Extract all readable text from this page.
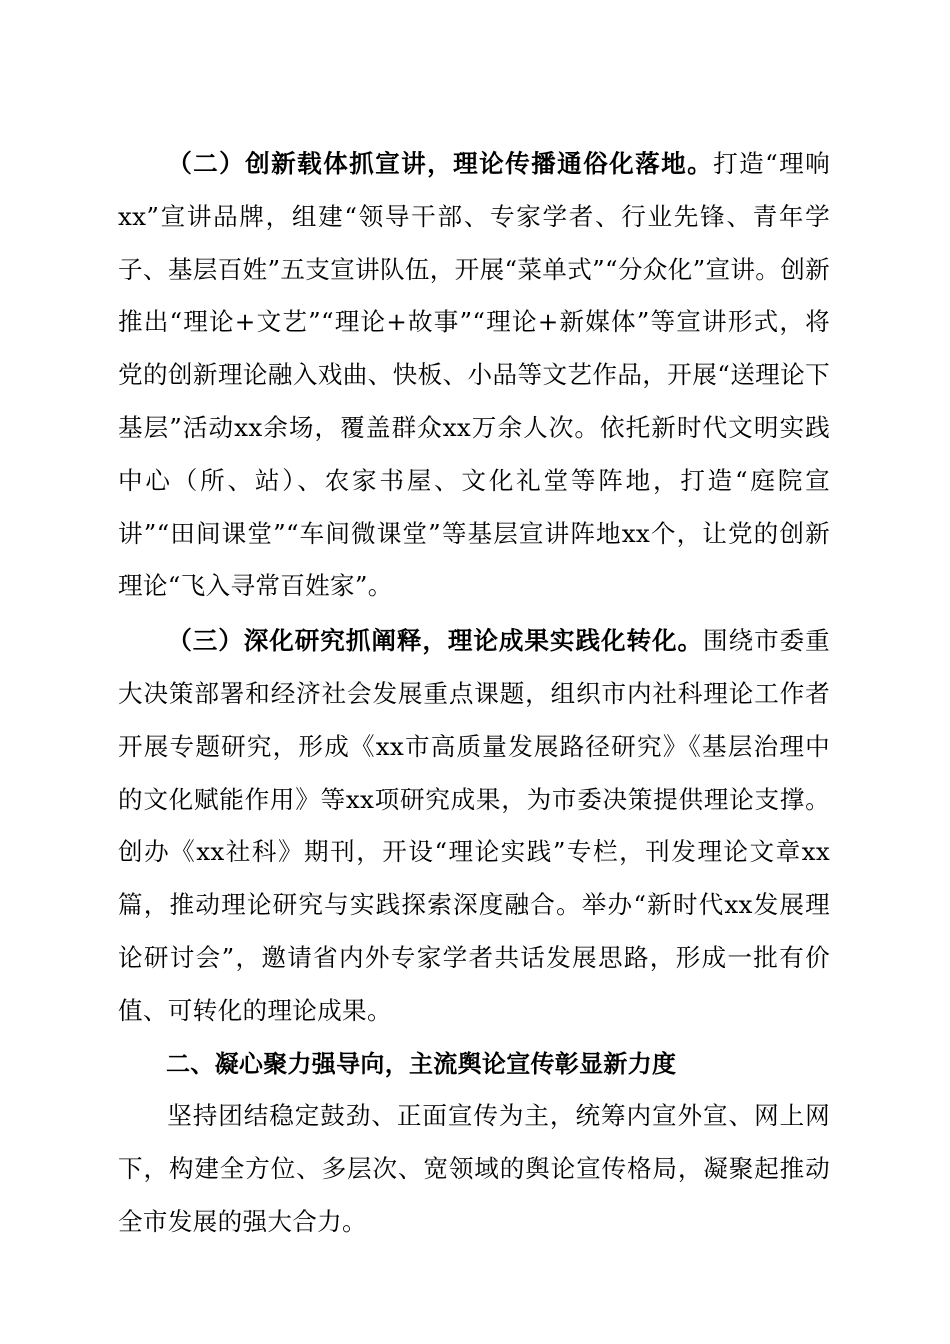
（二）创新载体抓宣讲，理论传播通俗化落地。打造“理响xx”宣讲品牌，组建“领导干部、专家学者、行业先锋、青年学子、基层百姓”五支宣讲队伍，开展“菜单式”“分众化”宣讲。创新推出“理论+文艺”“理论+故事”“理论+新媒体”等宣讲形式，将党的创新理论融入戏曲、快板、小品等文艺作品，开展“送理论下基层”活动xx余场，覆盖群众xx万余人次。依托新时代文明实践中心（所、站）、农家书屋、文化礼堂等阵地，打造“庭院宣讲”“田间课堂”“车间微课堂”等基层宣讲阵地xx个，让党的创新理论“飞入寻常百姓家”。

（三）深化研究抓阐释，理论成果实践化转化。围绕市委重大决策部署和经济社会发展重点课题，组织市内社科理论工作者开展专题研究，形成《xx市高质量发展路径研究》《基层治理中的文化赋能作用》等xx项研究成果，为市委决策提供理论支撑。创办《xx社科》期刊，开设“理论实践”专栏，刊发理论文章xx篇，推动理论研究与实践探索深度融合。举办“新时代xx发展理论研讨会”，邀请省内外专家学者共话发展思路，形成一批有价值、可转化的理论成果。

二、凝心聚力强导向，主流舆论宣传彰显新力度

坚持团结稳定鼓劲、正面宣传为主，统筹内宣外宣、网上网下，构建全方位、多层次、宽领域的舆论宣传格局，凝聚起推动全市发展的强大合力。
